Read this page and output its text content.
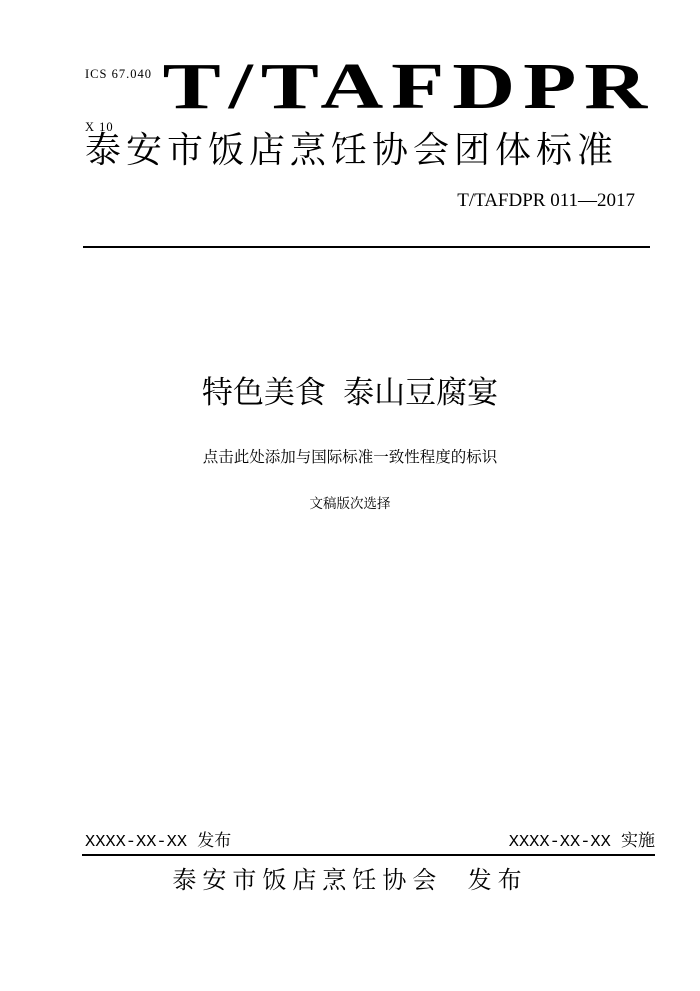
ICS 67.040

X 10

T/TAFDPR
泰安市饭店烹饪协会团体标准
T/TAFDPR 011—2017
特色美食  泰山豆腐宴
点击此处添加与国际标准一致性程度的标识
文稿版次选择
XXXX-XX-XX 发布	XXXX-XX-XX 实施
泰安市饭店烹饪协会  发布
